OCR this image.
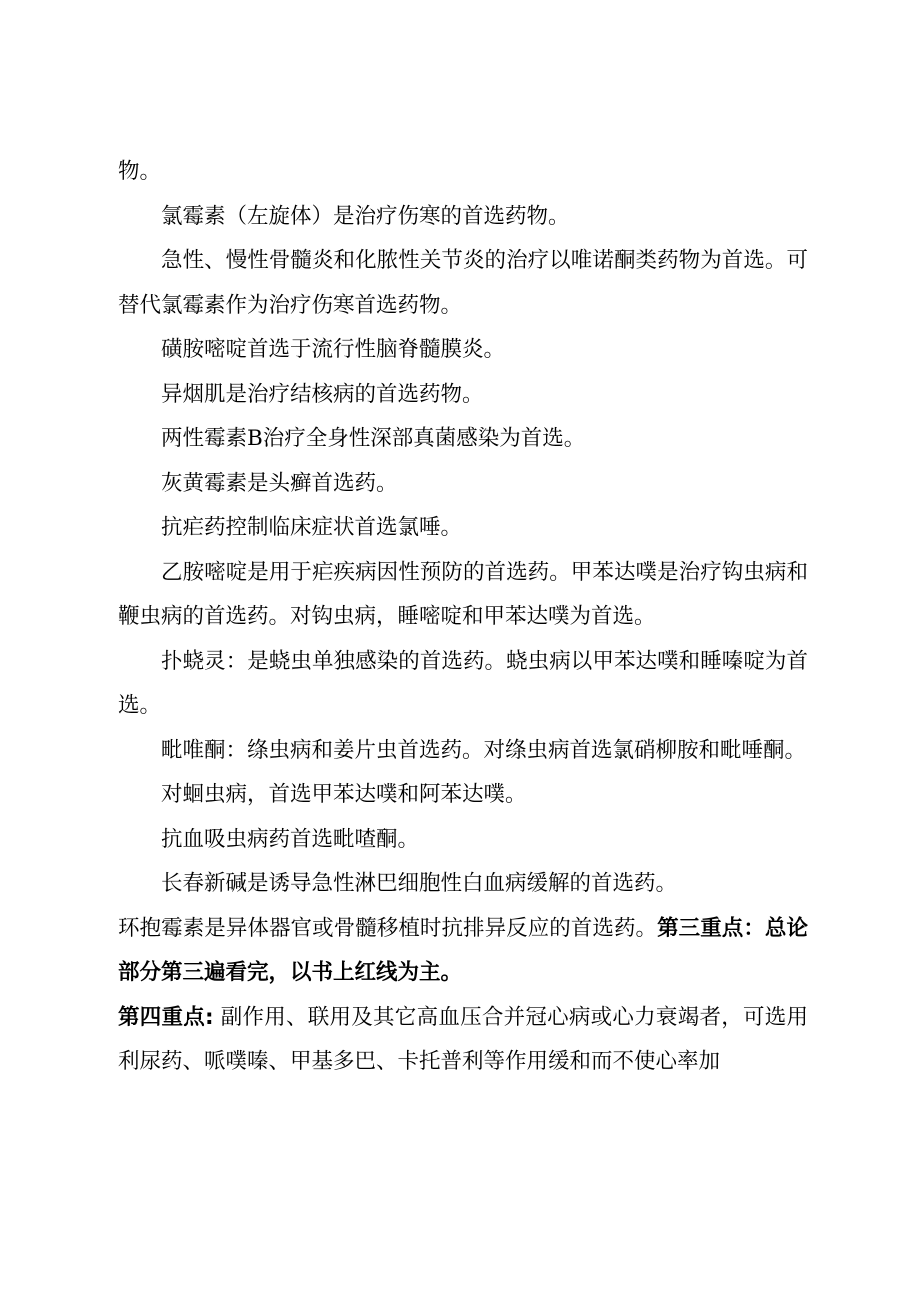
物。

氯霉素（左旋体）是治疗伤寒的首选药物。

急性、慢性骨髓炎和化脓性关节炎的治疗以唯诺酮类药物为首选。可替代氯霉素作为治疗伤寒首选药物。

磺胺嘧啶首选于流行性脑脊髓膜炎。

异烟肌是治疗结核病的首选药物。

两性霉素B治疗全身性深部真菌感染为首选。

灰黄霉素是头癣首选药。

抗疟药控制临床症状首选氯唾。

乙胺嘧啶是用于疟疾病因性预防的首选药。甲苯达噗是治疗钩虫病和鞭虫病的首选药。对钩虫病，睡嘧啶和甲苯达噗为首选。

扑蛲灵：是蛲虫单独感染的首选药。蛲虫病以甲苯达噗和睡嗪啶为首选。

毗唯酮：绦虫病和姜片虫首选药。对绦虫病首选氯硝柳胺和毗唾酮。

对蛔虫病，首选甲苯达噗和阿苯达噗。

抗血吸虫病药首选毗喳酮。

长春新碱是诱导急性淋巴细胞性白血病缓解的首选药。

环抱霉素是异体器官或骨髓移植时抗排异反应的首选药。第三重点：总论部分第三遍看完，以书上红线为主。

第四重点: 副作用、联用及其它高血压合并冠心病或心力衰竭者，可选用利尿药、哌噗嗪、甲基多巴、卡托普利等作用缓和而不使心率加
